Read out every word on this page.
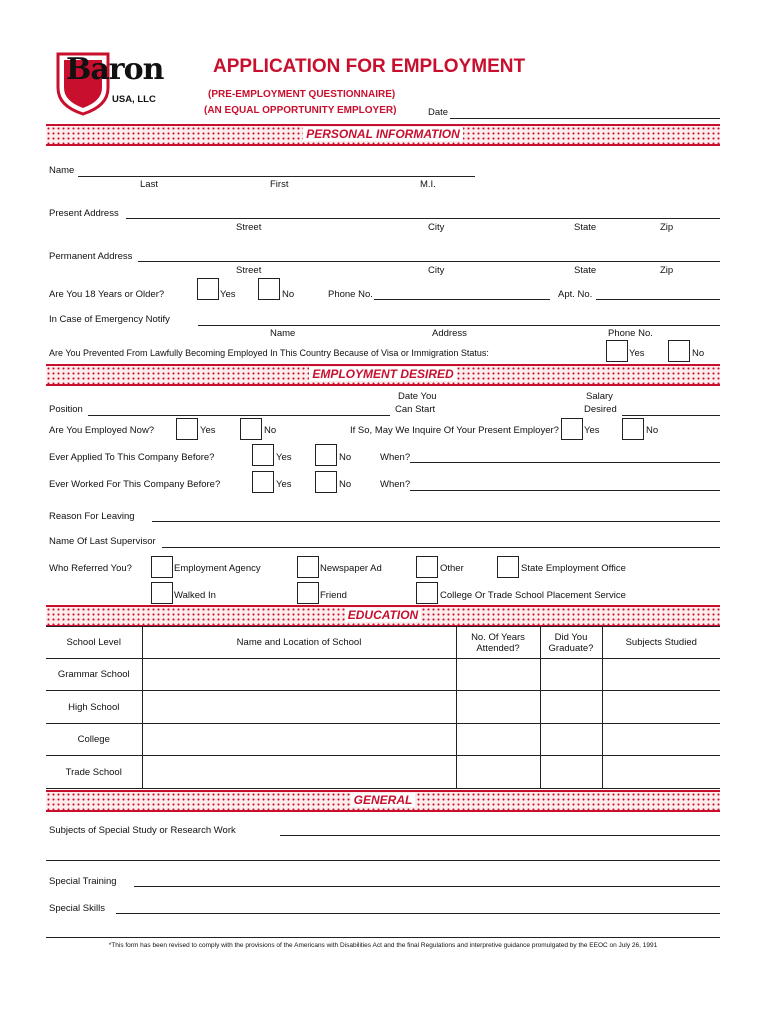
Baron
USA, LLC
APPLICATION FOR EMPLOYMENT
(PRE-EMPLOYMENT QUESTIONNAIRE)
(AN EQUAL OPPORTUNITY EMPLOYER)	Date
PERSONAL INFORMATION
Name
Last	First	M.I.
Present Address
Street	City	State	Zip
Permanent Address
Street	City	State	Zip
Are You 18 Years or Older?	Yes	No	Phone No.	Apt. No.
In Case of Emergency Notify
Name	Address	Phone No.
Are You Prevented From Lawfully Becoming Employed In This Country Because of Visa or Immigration Status:	Yes	No
EMPLOYMENT DESIRED
Position
Date You
Can Start
Salary
Desired
Are You Employed Now?	Yes	No	If So, May We Inquire Of Your Present Employer?	Yes	No
Ever Applied To This Company Before?	Yes	No	When?
Ever Worked For This Company Before?	Yes	No	When?
Reason For Leaving
Name Of Last Supervisor
Who Referred You?	Employment Agency	Newspaper Ad	Other	State Employment Office
Walked In	Friend	College Or Trade School Placement Service
EDUCATION
School Level	Name and Location of School	No. Of Years Attended?	Did You Graduate?	Subjects Studied
Grammar School				
High School				
College				
Trade School				
GENERAL
Subjects of Special Study or Research Work
Special Training
Special Skills
*This form has been revised to comply with the provisions of the Americans with Disabilities Act and the final Regulations and interpretive guidance promulgated by the EEOC on July 26, 1991
